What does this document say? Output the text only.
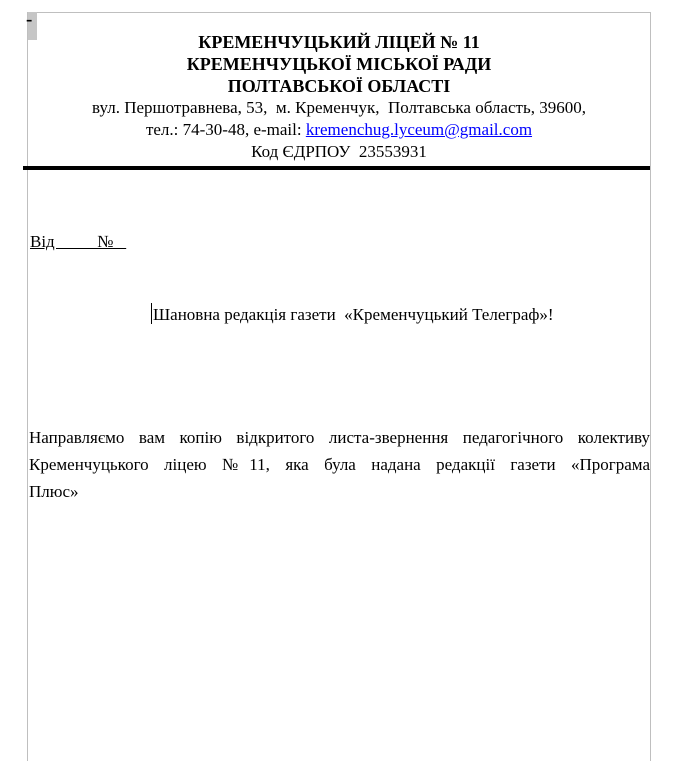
-
КРЕМЕНЧУЦЬКИЙ ЛІЦЕЙ № 11
КРЕМЕНЧУЦЬКОЇ МІСЬКОЇ РАДИ
ПОЛТАВСЬКОЇ ОБЛАСТІ
вул. Першотравнева, 53,  м. Кременчук,  Полтавська область, 39600,
тел.: 74-30-48, e-mail: kremenchug.lyceum@gmail.com
Код ЄДРПОУ  23553931
Від          №
Шановна редакція газети  «Кременчуцький Телеграф»!
Направляємо вам копію відкритого листа-звернення педагогічного колективу
Кременчуцького ліцею №11, яка була надана редакції газети «Програма
Плюс»
